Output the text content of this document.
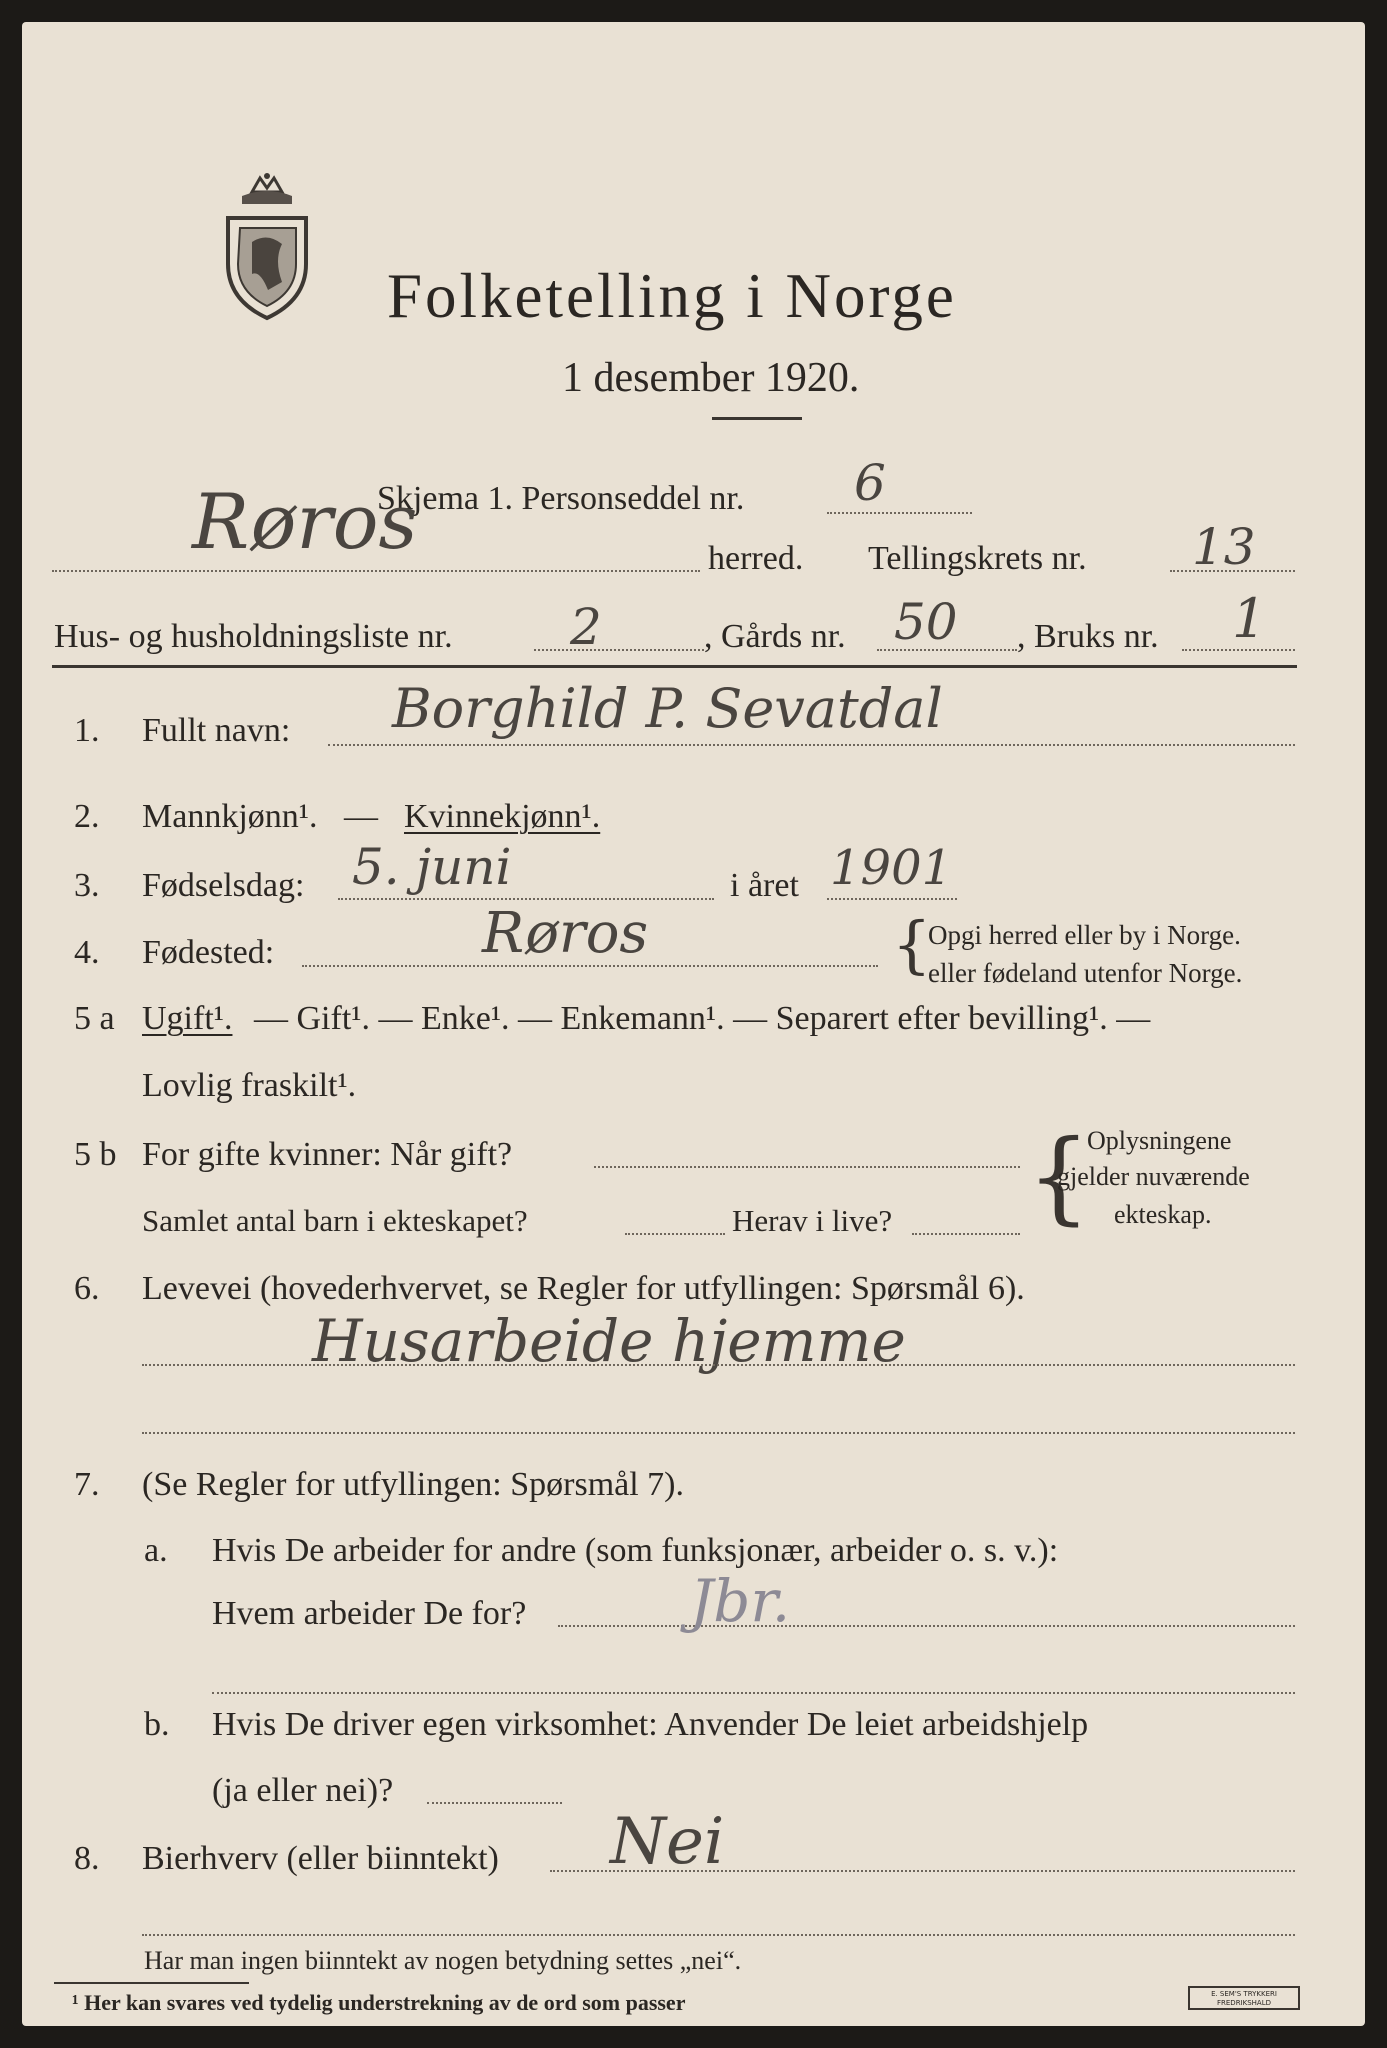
Folketelling i Norge
1 desember 1920.
Skjema 1. Personseddel nr. 6
Røros	herred. Tellingskrets nr. 13
Hus- og husholdningsliste nr. 2	, Gårds nr. 50 , Bruks nr. 1
1. Fullt navn: Borghild P. Sevatdal
2. Mannkjønn¹. — Kvinnekjønn¹.
3. Fødselsdag: 5. juni	i året 1901
4. Fødested:	Røros	{
Opgi herred eller by i Norge.
eller fødeland utenfor Norge.
5 a Ugift¹. — Gift¹. — Enke¹. — Enkemann¹. — Separert efter bevilling¹. —
Lovlig fraskilt¹.
5 b For gifte kvinner: Når gift?
Samlet antal barn i ekteskapet?	Herav i live? {
Oplysningene
gjelder nuværende
ekteskap.
6. Levevei (hovederhvervet, se Regler for utfyllingen: Spørsmål 6).
Husarbeide hjemme
7. (Se Regler for utfyllingen: Spørsmål 7).
a. Hvis De arbeider for andre (som funksjonær, arbeider o. s. v.):
Hvem arbeider De for?	Jbr.
b. Hvis De driver egen virksomhet: Anvender De leiet arbeidshjelp
(ja eller nei)?
8. Bierhverv (eller biinntekt) Nei
Har man ingen biinntekt av nogen betydning settes „nei“.
¹ Her kan svares ved tydelig understrekning av de ord som passer	E. SEM'S TRYKKERI FREDRIKSHALD
